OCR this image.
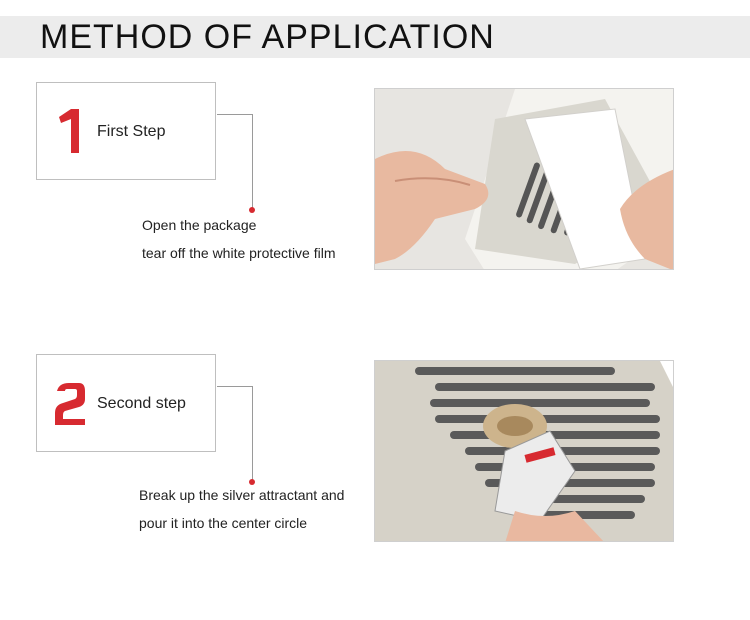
METHOD OF APPLICATION
First Step
Open the package
tear off the white protective film
Second step
Break up the silver attractant and
pour it into the center circle
